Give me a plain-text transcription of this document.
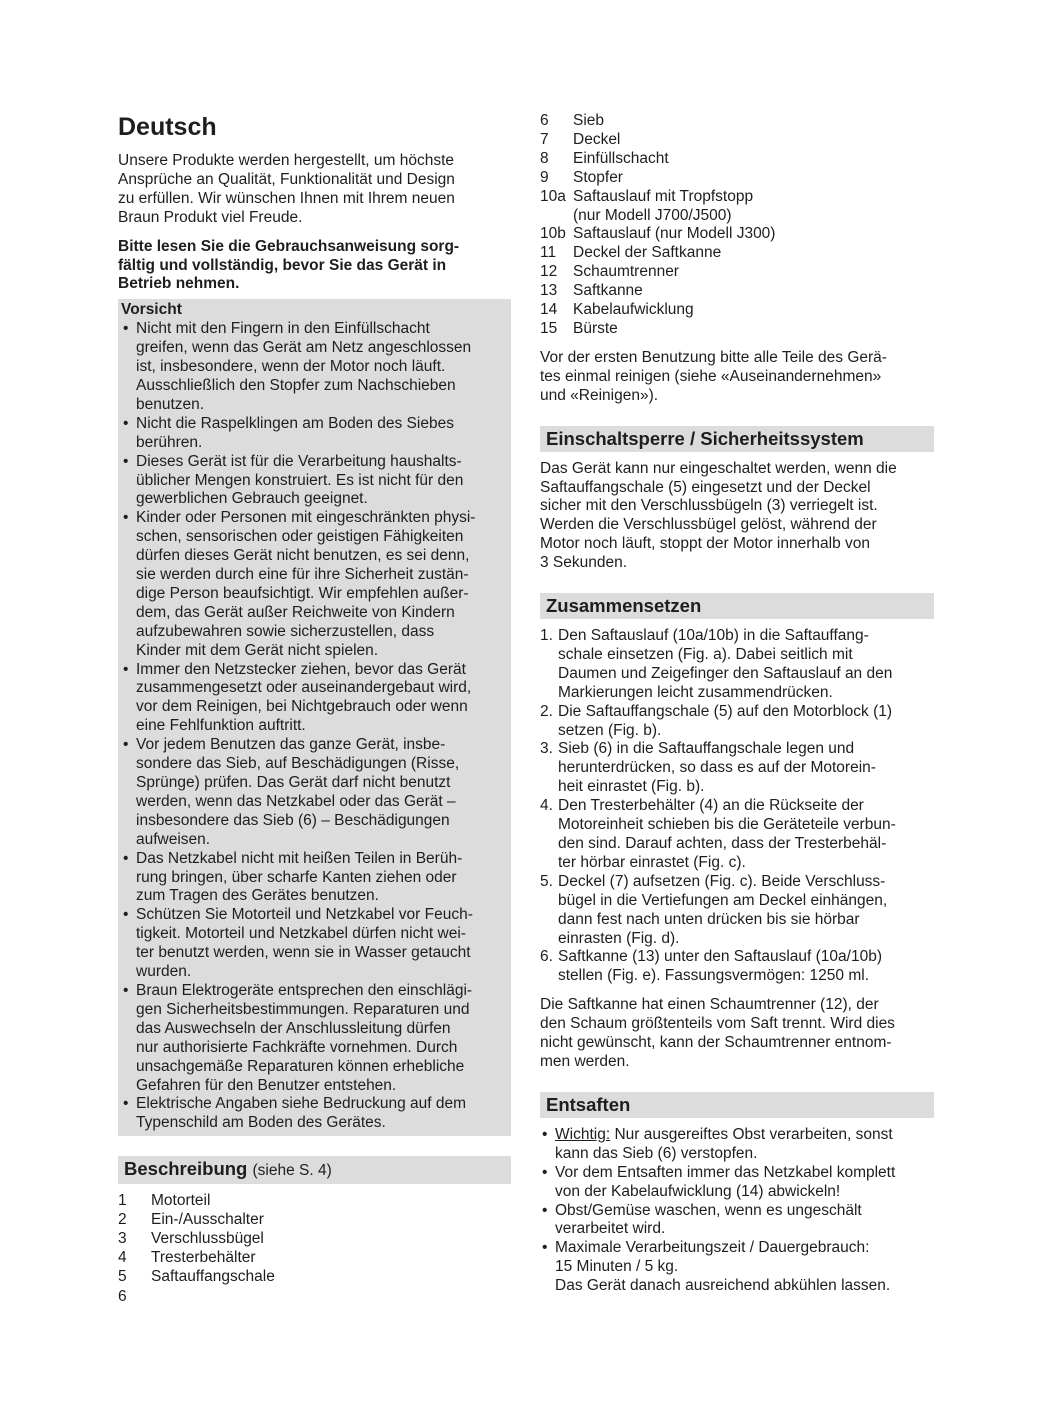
Deutsch

Unsere Produkte werden hergestellt, um höchste
Ansprüche an Qualität, Funktionalität und Design
zu erfüllen. Wir wünschen Ihnen mit Ihrem neuen
Braun Produkt viel Freude.

Bitte lesen Sie die Gebrauchsanweisung sorg-
fältig und vollständig, bevor Sie das Gerät in
Betrieb nehmen.

Vorsicht
• Nicht mit den Fingern in den Einfüllschacht
greifen, wenn das Gerät am Netz angeschlossen
ist, insbesondere, wenn der Motor noch läuft.
Ausschließlich den Stopfer zum Nachschieben
benutzen.
• Nicht die Raspelklingen am Boden des Siebes
berühren.
• Dieses Gerät ist für die Verarbeitung haushalts-
üblicher Mengen konstruiert. Es ist nicht für den
gewerblichen Gebrauch geeignet.
• Kinder oder Personen mit eingeschränkten physi-
schen, sensorischen oder geistigen Fähigkeiten
dürfen dieses Gerät nicht benutzen, es sei denn,
sie werden durch eine für ihre Sicherheit zustän-
dige Person beaufsichtigt. Wir empfehlen außer-
dem, das Gerät außer Reichweite von Kindern
aufzubewahren sowie sicherzustellen, dass
Kinder mit dem Gerät nicht spielen.
• Immer den Netzstecker ziehen, bevor das Gerät
zusammengesetzt oder auseinandergebaut wird,
vor dem Reinigen, bei Nichtgebrauch oder wenn
eine Fehlfunktion auftritt.
• Vor jedem Benutzen das ganze Gerät, insbe-
sondere das Sieb, auf Beschädigungen (Risse,
Sprünge) prüfen. Das Gerät darf nicht benutzt
werden, wenn das Netzkabel oder das Gerät –
insbesondere das Sieb (6) – Beschädigungen
aufweisen.
• Das Netzkabel nicht mit heißen Teilen in Berüh-
rung bringen, über scharfe Kanten ziehen oder
zum Tragen des Gerätes benutzen.
• Schützen Sie Motorteil und Netzkabel vor Feuch-
tigkeit. Motorteil und Netzkabel dürfen nicht wei-
ter benutzt werden, wenn sie in Wasser getaucht
wurden.
• Braun Elektrogeräte entsprechen den einschlägi-
gen Sicherheitsbestimmungen. Reparaturen und
das Auswechseln der Anschlussleitung dürfen
nur authorisierte Fachkräfte vornehmen. Durch
unsachgemäße Reparaturen können erhebliche
Gefahren für den Benutzer entstehen.
• Elektrische Angaben siehe Bedruckung auf dem
Typenschild am Boden des Gerätes.
Beschreibung (siehe S. 4)
1	Motorteil
2	Ein-/Ausschalter
3	Verschlussbügel
4	Tresterbehälter
5	Saftauffangschale
6	Sieb
7	Deckel
8	Einfüllschacht
9	Stopfer
10a Saftauslauf mit Tropfstopp
(nur Modell J700/J500)
10b Saftauslauf (nur Modell J300)
11	Deckel der Saftkanne
12	Schaumtrenner
13	Saftkanne
14	Kabelaufwicklung
15	Bürste

Vor der ersten Benutzung bitte alle Teile des Gerä-
tes einmal reinigen (siehe «Auseinandernehmen»
und «Reinigen»).

Einschaltsperre / Sicherheitssystem

Das Gerät kann nur eingeschaltet werden, wenn die
Saftauffangschale (5) eingesetzt und der Deckel
sicher mit den Verschlussbügeln (3) verriegelt ist.
Werden die Verschlussbügel gelöst, während der
Motor noch läuft, stoppt der Motor innerhalb von
3 Sekunden.

Zusammensetzen
1. Den Saftauslauf (10a/10b) in die Saftauffang-
schale einsetzen (Fig. a). Dabei seitlich mit
Daumen und Zeigefinger den Saftauslauf an den
Markierungen leicht zusammendrücken.
2. Die Saftauffangschale (5) auf den Motorblock (1)
setzen (Fig. b).
3. Sieb (6) in die Saftauffangschale legen und
herunterdrücken, so dass es auf der Motorein-
heit einrastet (Fig. b).
4. Den Tresterbehälter (4) an die Rückseite der
Motoreinheit schieben bis die Geräteteile verbun-
den sind. Darauf achten, dass der Tresterbehäl-
ter hörbar einrastet (Fig. c).
5. Deckel (7) aufsetzen (Fig. c). Beide Verschluss-
bügel in die Vertiefungen am Deckel einhängen,
dann fest nach unten drücken bis sie hörbar
einrasten (Fig. d).
6. Saftkanne (13) unter den Saftauslauf (10a/10b)
stellen (Fig. e). Fassungsvermögen: 1250 ml.

Die Saftkanne hat einen Schaumtrenner (12), der
den Schaum größtenteils vom Saft trennt. Wird dies
nicht gewünscht, kann der Schaumtrenner entnom-
men werden.

Entsaften
• Wichtig: Nur ausgereiftes Obst verarbeiten, sonst
kann das Sieb (6) verstopfen.
• Vor dem Entsaften immer das Netzkabel komplett
von der Kabelaufwicklung (14) abwickeln!
• Obst/Gemüse waschen, wenn es ungeschält
verarbeitet wird.
• Maximale Verarbeitungszeit / Dauergebrauch:
15 Minuten / 5 kg.
Das Gerät danach ausreichend abkühlen lassen.
6
